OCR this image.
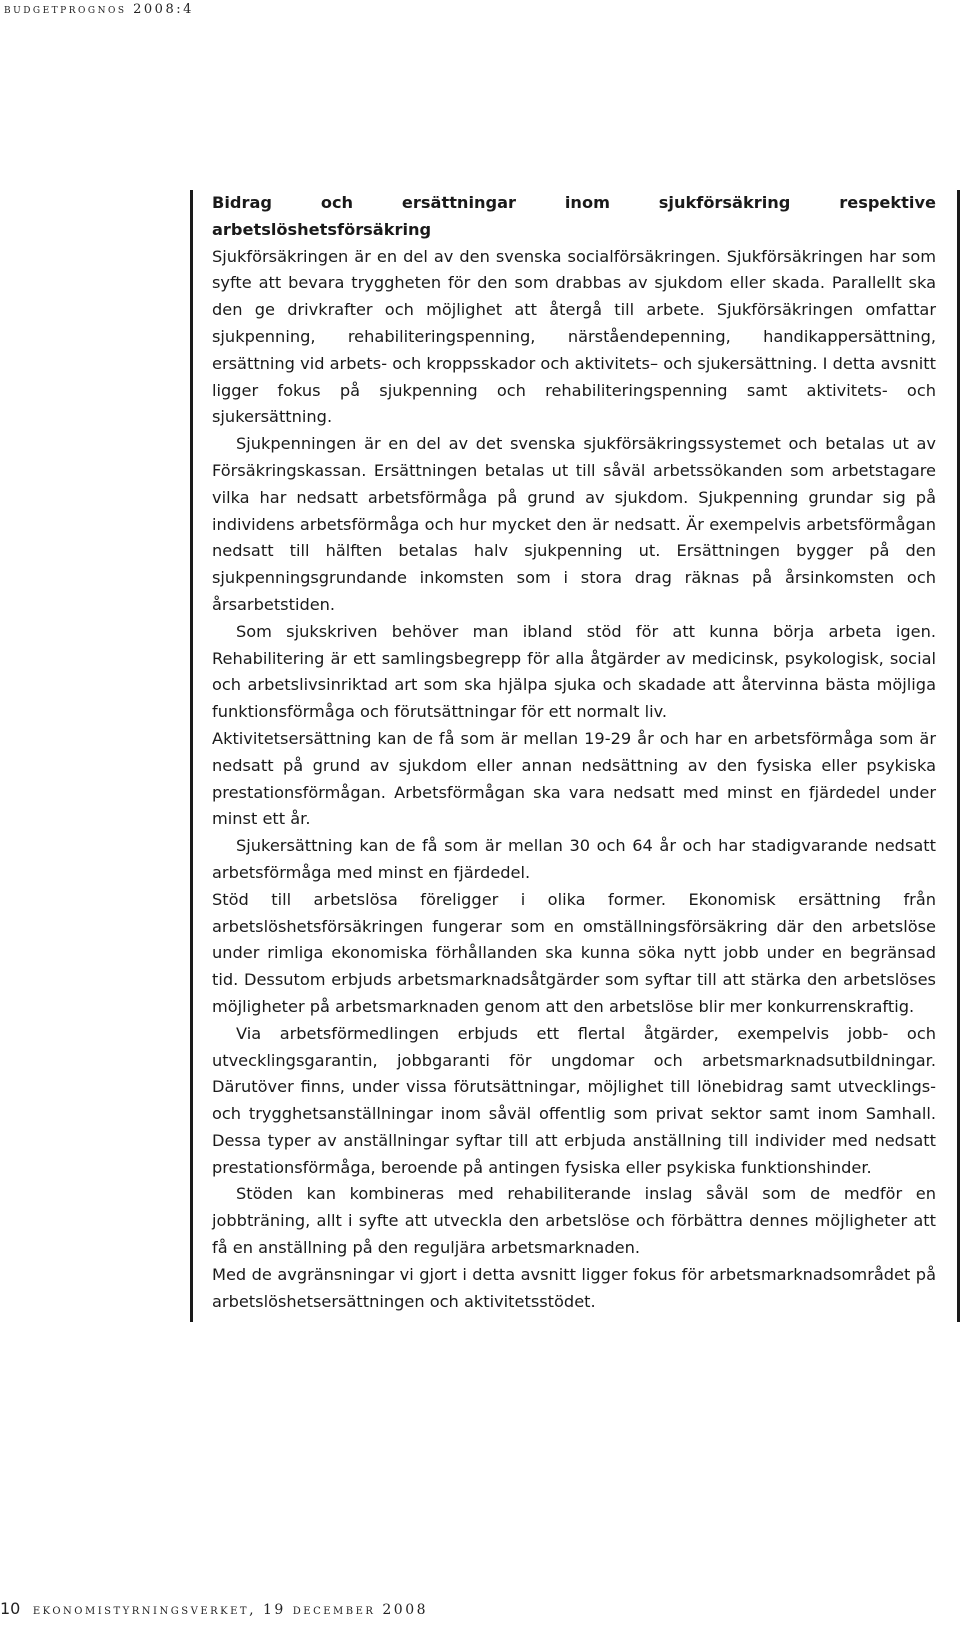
budgetprognos 2008:4

Bidrag och ersättningar inom sjukförsäkring respektive arbetslöshetsförsäkring

Sjukförsäkringen är en del av den svenska socialförsäkringen. Sjukförsäkringen har som syfte att bevara tryggheten för den som drabbas av sjukdom eller skada. Parallellt ska den ge drivkrafter och möjlighet att återgå till arbete. Sjukförsäkringen omfattar sjukpenning, rehabiliteringspenning, närståendepenning, handikappersättning, ersättning vid arbets- och kroppsskador och aktivitets– och sjukersättning. I detta avsnitt ligger fokus på sjukpenning och rehabiliteringspenning samt aktivitets- och sjukersättning.

Sjukpenningen är en del av det svenska sjukförsäkringssystemet och betalas ut av Försäkringskassan. Ersättningen betalas ut till såväl arbetssökanden som arbetstagare vilka har nedsatt arbetsförmåga på grund av sjukdom. Sjukpenning grundar sig på individens arbetsförmåga och hur mycket den är nedsatt. Är exempelvis arbetsförmågan nedsatt till hälften betalas halv sjukpenning ut. Ersättningen bygger på den sjukpenningsgrundande inkomsten som i stora drag räknas på årsinkomsten och årsarbetstiden.

Som sjukskriven behöver man ibland stöd för att kunna börja arbeta igen. Rehabilitering är ett samlingsbegrepp för alla åtgärder av medicinsk, psykologisk, social och arbetslivsinriktad art som ska hjälpa sjuka och skadade att återvinna bästa möjliga funktionsförmåga och förutsättningar för ett normalt liv.

Aktivitetsersättning kan de få som är mellan 19-29 år och har en arbetsförmåga som är nedsatt på grund av sjukdom eller annan nedsättning av den fysiska eller psykiska prestationsförmågan. Arbetsförmågan ska vara nedsatt med minst en fjärdedel under minst ett år.

Sjukersättning kan de få som är mellan 30 och 64 år och har stadigvarande nedsatt arbetsförmåga med minst en fjärdedel.

Stöd till arbetslösa föreligger i olika former. Ekonomisk ersättning från arbetslöshetsförsäkringen fungerar som en omställningsförsäkring där den arbetslöse under rimliga ekonomiska förhållanden ska kunna söka nytt jobb under en begränsad tid. Dessutom erbjuds arbetsmarknadsåtgärder som syftar till att stärka den arbetslöses möjligheter på arbetsmarknaden genom att den arbetslöse blir mer konkurrenskraftig.

Via arbetsförmedlingen erbjuds ett flertal åtgärder, exempelvis jobb- och utvecklingsgarantin, jobbgaranti för ungdomar och arbetsmarknadsutbildningar. Därutöver finns, under vissa förutsättningar, möjlighet till lönebidrag samt utvecklings- och trygghetsanställningar inom såväl offentlig som privat sektor samt inom Samhall. Dessa typer av anställningar syftar till att erbjuda anställning till individer med nedsatt prestationsförmåga, beroende på antingen fysiska eller psykiska funktionshinder.

Stöden kan kombineras med rehabiliterande inslag såväl som de medför en jobbträning, allt i syfte att utveckla den arbetslöse och förbättra dennes möjligheter att få en anställning på den reguljära arbetsmarknaden.

Med de avgränsningar vi gjort i detta avsnitt ligger fokus för arbetsmarknadsområdet på arbetslöshetsersättningen och aktivitetsstödet.

10 ekonomistyrningsverket, 19 december 2008
